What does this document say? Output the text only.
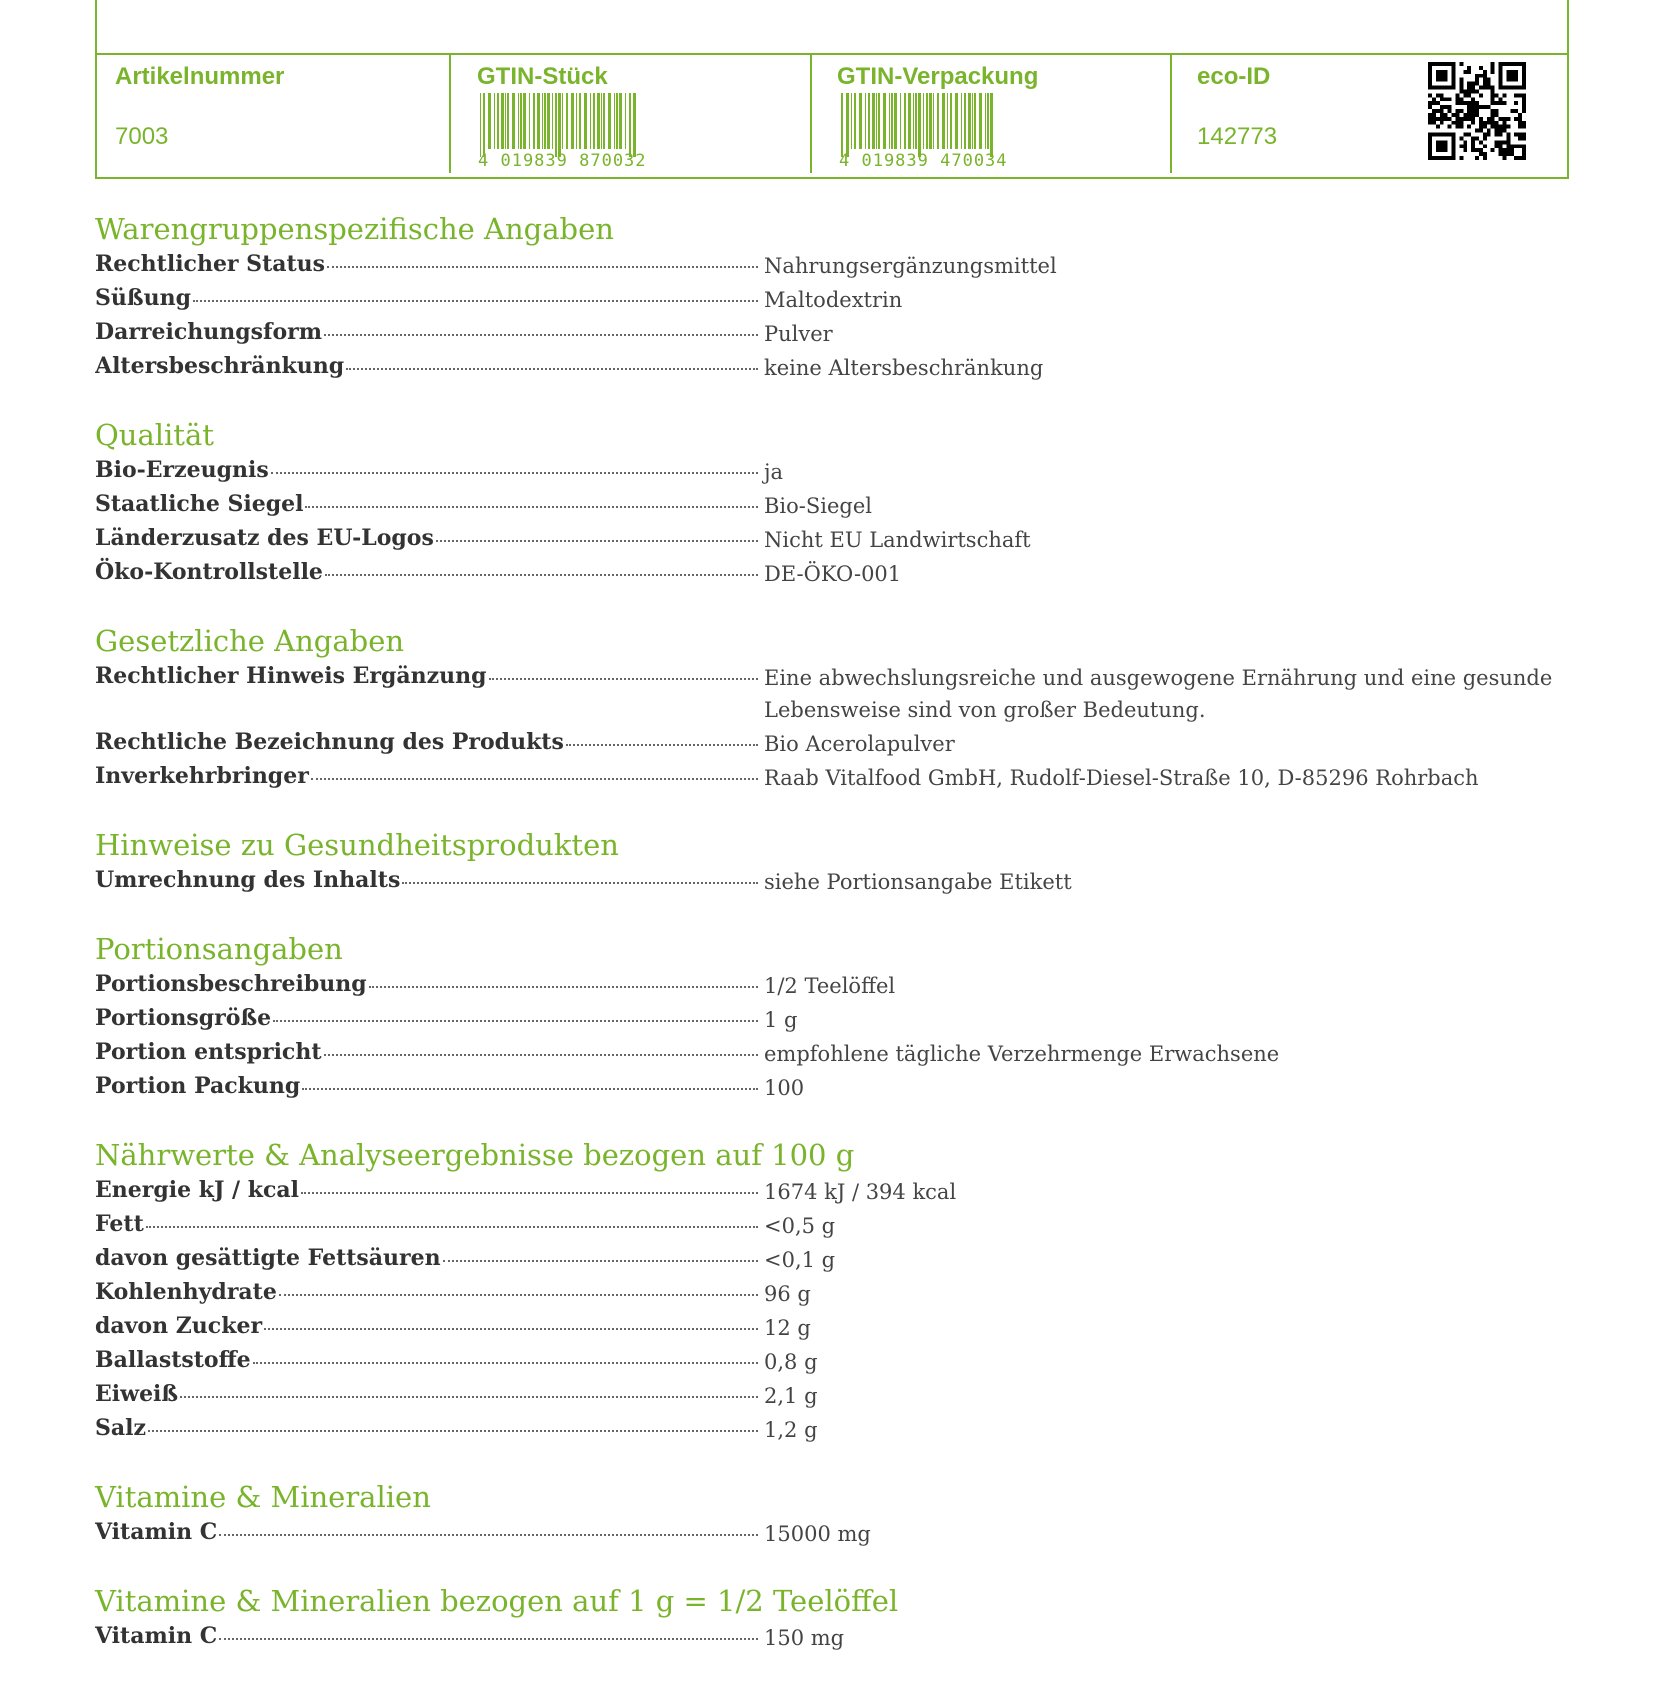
Artikelnummer
7003
GTIN-Stück
4 019839 870032
GTIN-Verpackung
4 019839 470034
eco-ID
142773
Warengruppenspezifische Angaben
Rechtlicher Status	Nahrungsergänzungsmittel
Süßung	Maltodextrin
Darreichungsform	Pulver
Altersbeschränkung	keine Altersbeschränkung
Qualität
Bio-Erzeugnis	ja
Staatliche Siegel	Bio-Siegel
Länderzusatz des EU-Logos	Nicht EU Landwirtschaft
Öko-Kontrollstelle	DE-ÖKO-001
Gesetzliche Angaben
Rechtlicher Hinweis Ergänzung	Eine abwechslungsreiche und ausgewogene Ernährung und eine gesunde Lebensweise sind von großer Bedeutung.
Rechtliche Bezeichnung des Produkts	Bio Acerolapulver
Inverkehrbringer	Raab Vitalfood GmbH, Rudolf-Diesel-Straße 10, D-85296 Rohrbach
Hinweise zu Gesundheitsprodukten
Umrechnung des Inhalts	siehe Portionsangabe Etikett
Portionsangaben
Portionsbeschreibung	1/2 Teelöffel
Portionsgröße	1 g
Portion entspricht	empfohlene tägliche Verzehrmenge Erwachsene
Portion Packung	100
Nährwerte & Analyseergebnisse bezogen auf 100 g
Energie kJ / kcal	1674 kJ / 394 kcal
Fett	<0,5 g
davon gesättigte Fettsäuren	<0,1 g
Kohlenhydrate	96 g
davon Zucker	12 g
Ballaststoffe	0,8 g
Eiweiß	2,1 g
Salz	1,2 g
Vitamine & Mineralien
Vitamin C	15000 mg
Vitamine & Mineralien bezogen auf 1 g = 1/2 Teelöffel
Vitamin C	150 mg
